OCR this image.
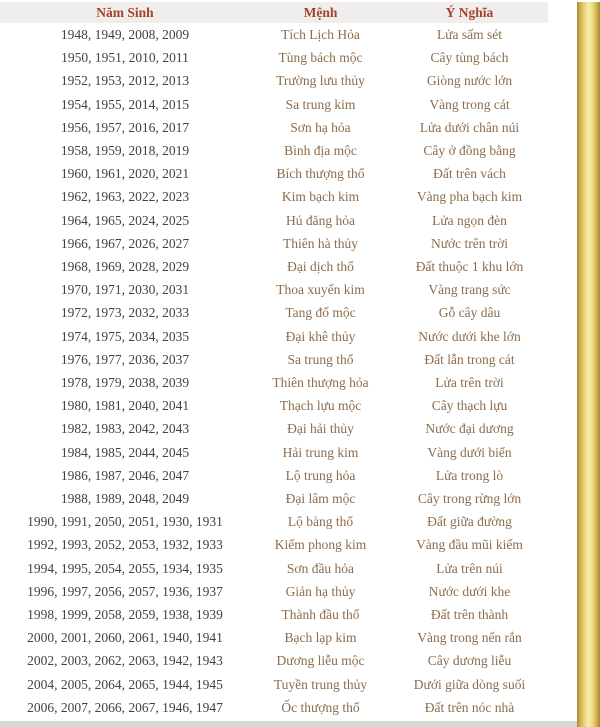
Năm Sinh	Mệnh	Ý Nghĩa
1948, 1949, 2008, 2009	Tích Lịch Hỏa	Lửa sấm sét
1950, 1951, 2010, 2011	Tùng bách mộc	Cây tùng bách
1952, 1953, 2012, 2013	Trường lưu thủy	Giòng nước lớn
1954, 1955, 2014, 2015	Sa trung kim	Vàng trong cát
1956, 1957, 2016, 2017	Sơn hạ hỏa	Lửa dưới chân núi
1958, 1959, 2018, 2019	Bình địa mộc	Cây ở đồng bằng
1960, 1961, 2020, 2021	Bích thượng thổ	Đất trên vách
1962, 1963, 2022, 2023	Kim bạch kim	Vàng pha bạch kim
1964, 1965, 2024, 2025	Hú đăng hỏa	Lửa ngọn đèn
1966, 1967, 2026, 2027	Thiên hà thủy	Nước trên trời
1968, 1969, 2028, 2029	Đại dịch thổ	Đất thuộc 1 khu lớn
1970, 1971, 2030, 2031	Thoa xuyến kim	Vàng trang sức
1972, 1973, 2032, 2033	Tang đố mộc	Gỗ cây dâu
1974, 1975, 2034, 2035	Đại khê thủy	Nước dưới khe lớn
1976, 1977, 2036, 2037	Sa trung thổ	Đất lẫn trong cát
1978, 1979, 2038, 2039	Thiên thượng hỏa	Lửa trên trời
1980, 1981, 2040, 2041	Thạch lựu mộc	Cây thạch lựu
1982, 1983, 2042, 2043	Đại hải thủy	Nước đại dương
1984, 1985, 2044, 2045	Hải trung kim	Vàng dưới biển
1986, 1987, 2046, 2047	Lộ trung hỏa	Lửa trong lò
1988, 1989, 2048, 2049	Đại lâm mộc	Cây trong rừng lớn
1990, 1991, 2050, 2051, 1930, 1931	Lộ bàng thổ	Đất giữa đường
1992, 1993, 2052, 2053, 1932, 1933	Kiếm phong kim	Vàng đầu mũi kiếm
1994, 1995, 2054, 2055, 1934, 1935	Sơn đầu hỏa	Lửa trên núi
1996, 1997, 2056, 2057, 1936, 1937	Giản hạ thủy	Nước dưới khe
1998, 1999, 2058, 2059, 1938, 1939	Thành đầu thổ	Đất trên thành
2000, 2001, 2060, 2061, 1940, 1941	Bạch lạp kim	Vàng trong nến rắn
2002, 2003, 2062, 2063, 1942, 1943	Dương liễu mộc	Cây dương liễu
2004, 2005, 2064, 2065, 1944, 1945	Tuyền trung thủy	Dưới giữa dòng suối
2006, 2007, 2066, 2067, 1946, 1947	Ốc thượng thổ	Đất trên nóc nhà
